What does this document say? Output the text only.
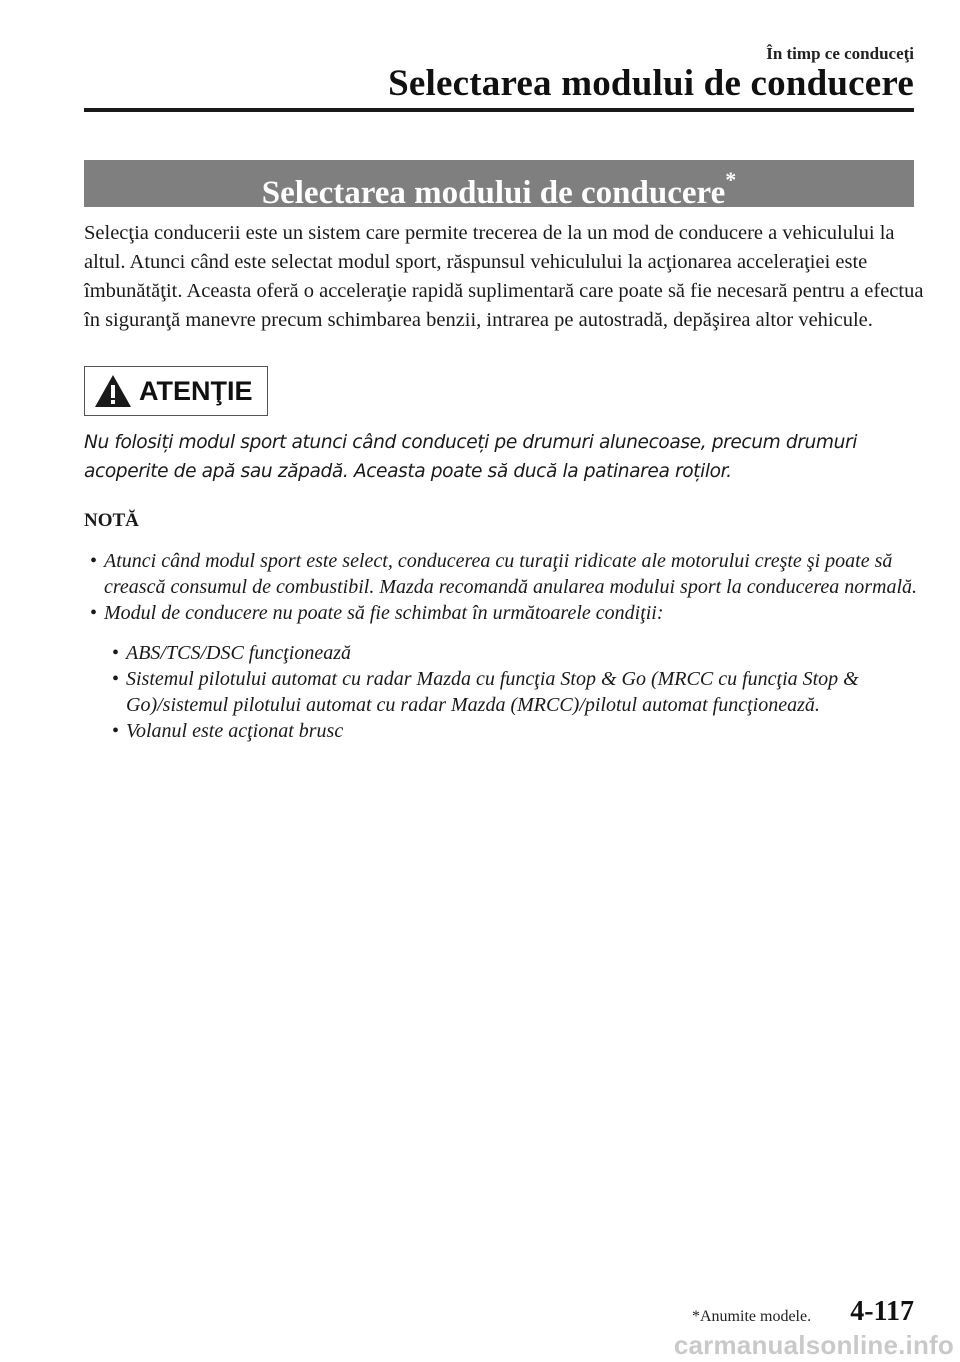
În timp ce conduceţi
Selectarea modului de conducere
Selectarea modului de conducere*

Selecţia conducerii este un sistem care permite trecerea de la un mod de conducere a vehiculului la altul. Atunci când este selectat modul sport, răspunsul vehiculului la acţionarea acceleraţiei este îmbunătăţit. Aceasta oferă o acceleraţie rapidă suplimentară care poate să fie necesară pentru a efectua în siguranţă manevre precum schimbarea benzii, intrarea pe autostradă, depăşirea altor vehicule.

ATENŢIE

Nu folosiți modul sport atunci când conduceți pe drumuri alunecoase, precum drumuri acoperite de apă sau zăpadă. Aceasta poate să ducă la patinarea roților.

NOTĂ
• Atunci când modul sport este select, conducerea cu turaţii ridicate ale motorului creşte şi poate să crească consumul de combustibil. Mazda recomandă anularea modului sport la conducerea normală.
• Modul de conducere nu poate să fie schimbat în următoarele condiţii:
• ABS/TCS/DSC funcţionează
• Sistemul pilotului automat cu radar Mazda cu funcţia Stop & Go (MRCC cu funcţia Stop & Go)/sistemul pilotului automat cu radar Mazda (MRCC)/pilotul automat funcţionează.
• Volanul este acţionat brusc
*Anumite modele. 4-117
carmanualsonline.info
